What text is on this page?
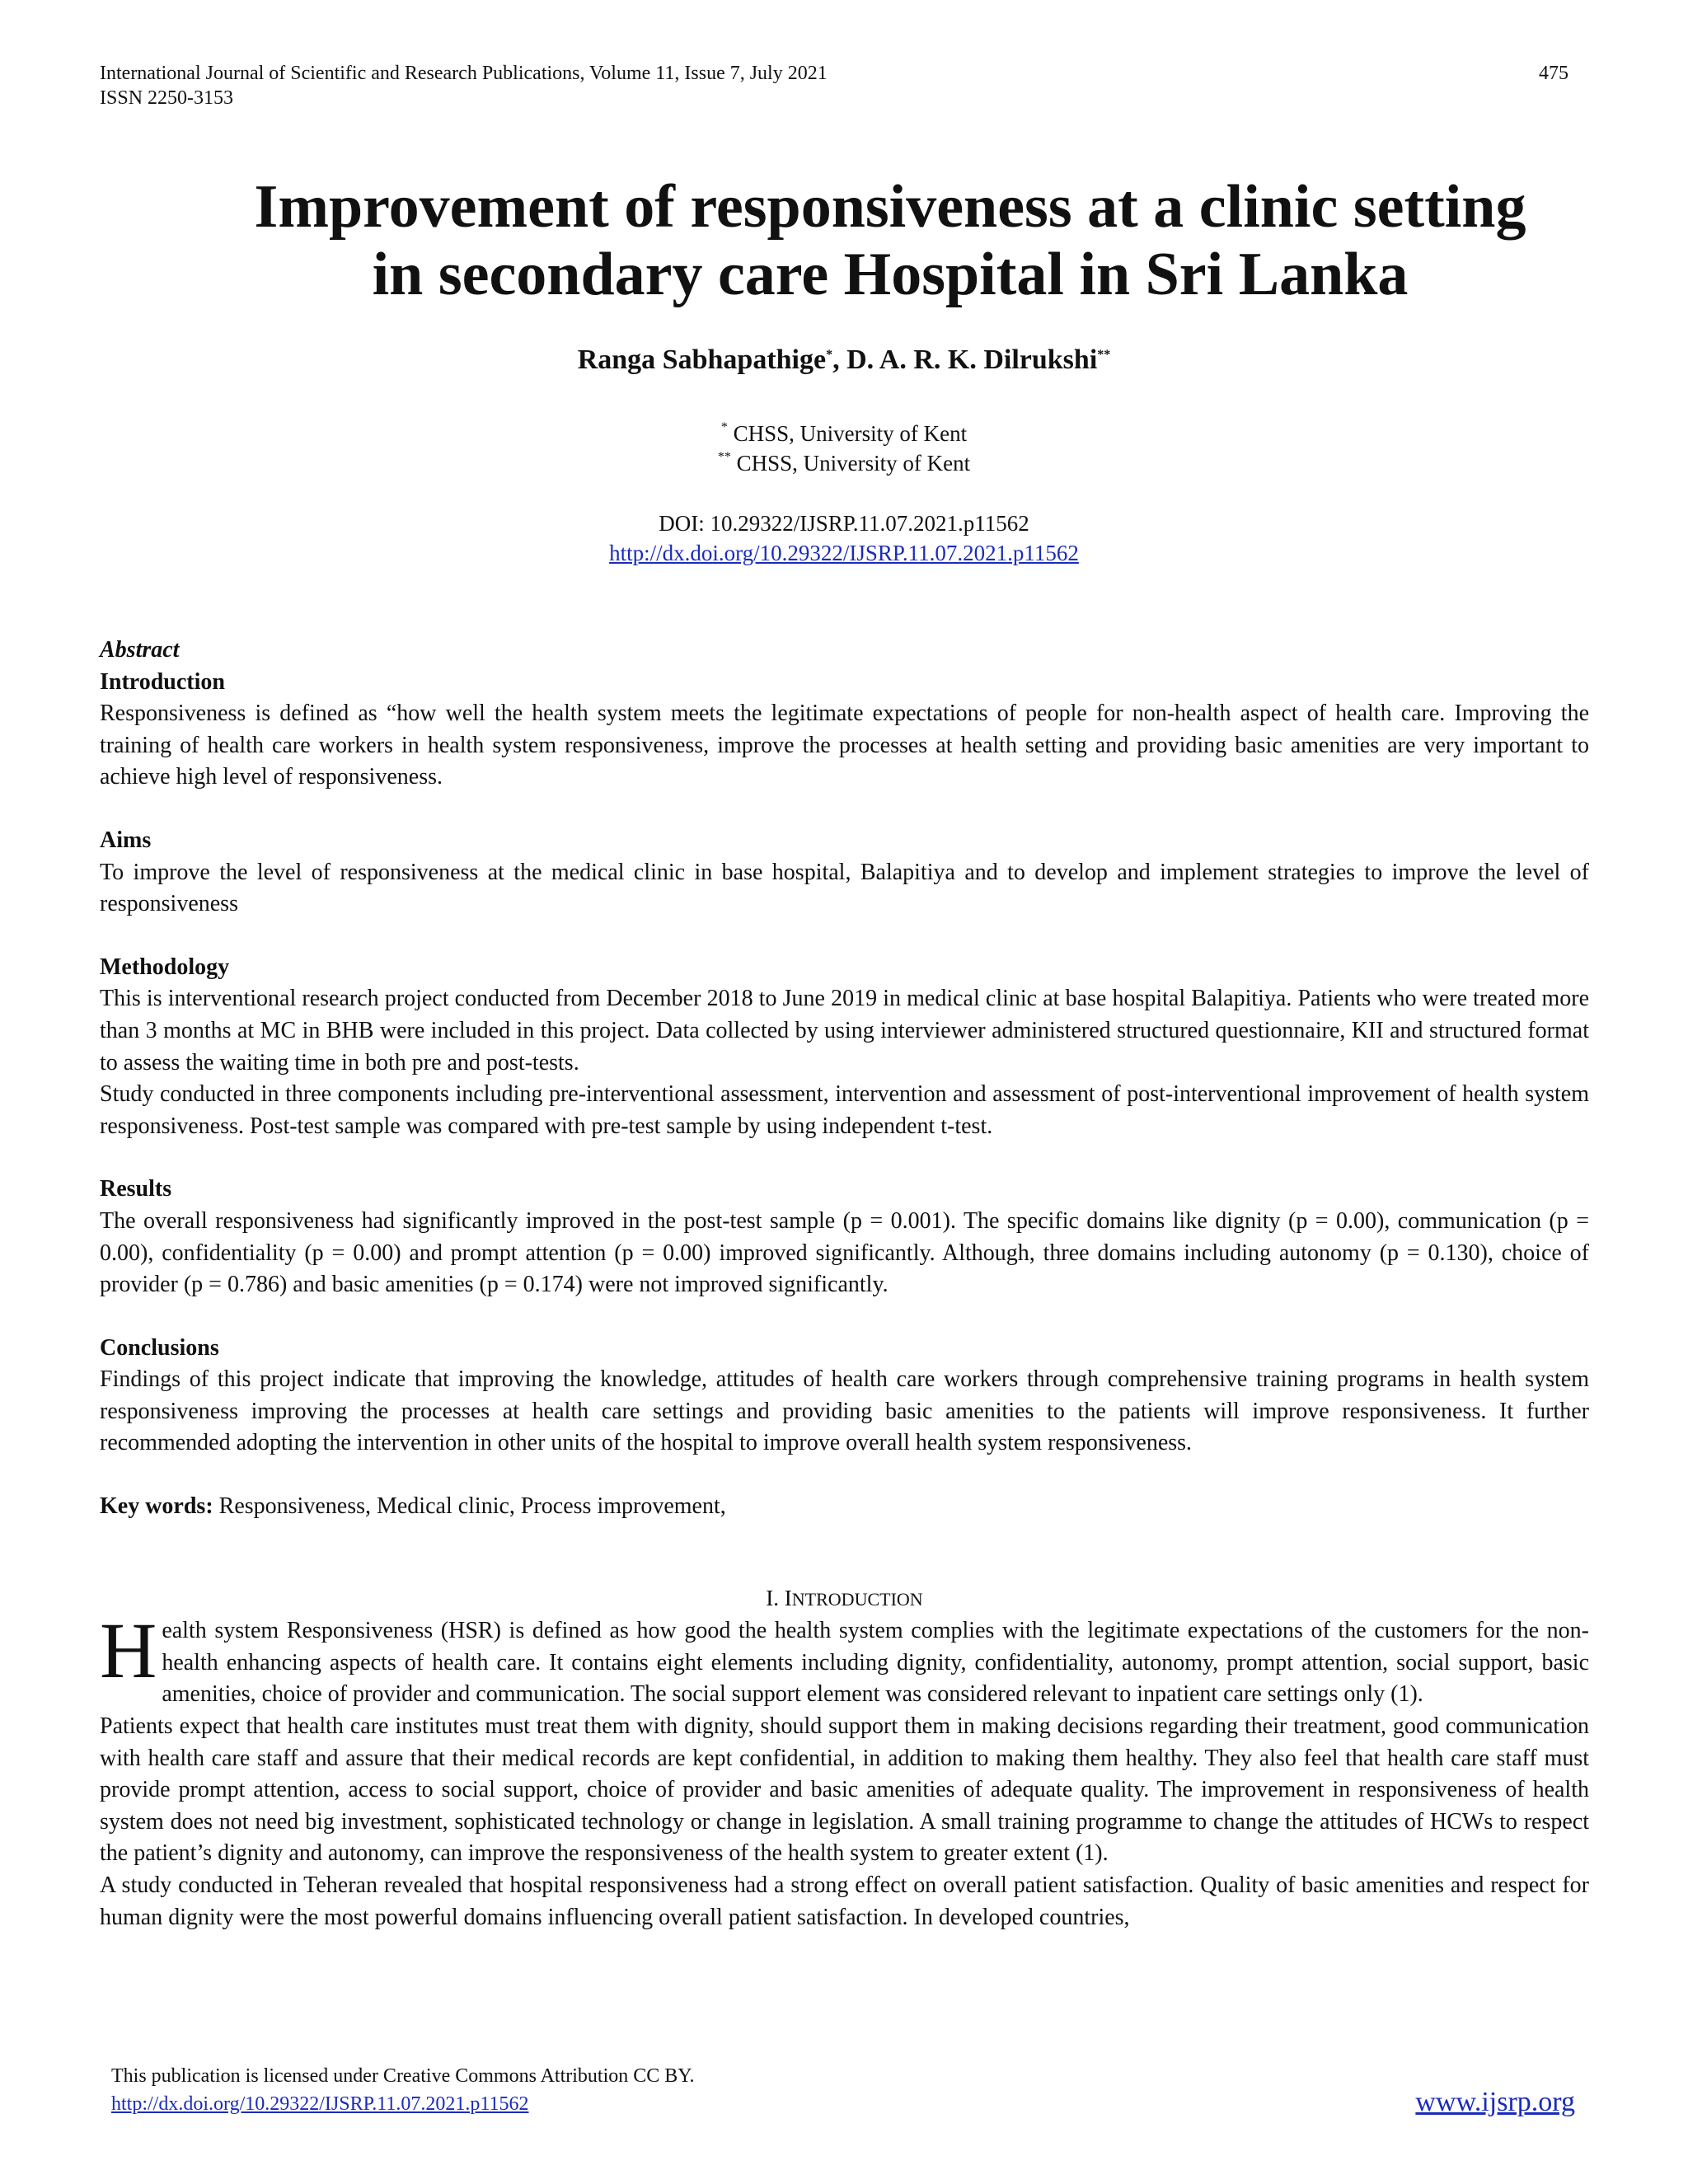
International Journal of Scientific and Research Publications, Volume 11, Issue 7, July 2021
ISSN 2250-3153
475
Improvement of responsiveness at a clinic setting
in secondary care Hospital in Sri Lanka
Ranga Sabhapathige*, D. A. R. K. Dilrukshi**
* CHSS, University of Kent
** CHSS, University of Kent
DOI: 10.29322/IJSRP.11.07.2021.p11562
http://dx.doi.org/10.29322/IJSRP.11.07.2021.p11562

Abstract

Introduction

Responsiveness is defined as “how well the health system meets the legitimate expectations of people for non-health aspect of health care. Improving the training of health care workers in health system responsiveness, improve the processes at health setting and providing basic amenities are very important to achieve high level of responsiveness.

Aims

To improve the level of responsiveness at the medical clinic in base hospital, Balapitiya and to develop and implement strategies to improve the level of responsiveness

Methodology

This is interventional research project conducted from December 2018 to June 2019 in medical clinic at base hospital Balapitiya. Patients who were treated more than 3 months at MC in BHB were included in this project. Data collected by using interviewer administered structured questionnaire, KII and structured format to assess the waiting time in both pre and post-tests.

Study conducted in three components including pre-interventional assessment, intervention and assessment of post-interventional improvement of health system responsiveness. Post-test sample was compared with pre-test sample by using independent t-test.

Results

The overall responsiveness had significantly improved in the post-test sample (p = 0.001). The specific domains like dignity (p = 0.00), communication (p = 0.00), confidentiality (p = 0.00) and prompt attention (p = 0.00) improved significantly. Although, three domains including autonomy (p = 0.130), choice of provider (p = 0.786) and basic amenities (p = 0.174) were not improved significantly.

Conclusions

Findings of this project indicate that improving the knowledge, attitudes of health care workers through comprehensive training programs in health system responsiveness improving the processes at health care settings and providing basic amenities to the patients will improve responsiveness. It further recommended adopting the intervention in other units of the hospital to improve overall health system responsiveness.

Key words: Responsiveness, Medical clinic, Process improvement,

I. INTRODUCTION

Health system Responsiveness (HSR) is defined as how good the health system complies with the legitimate expectations of the customers for the non-health enhancing aspects of health care. It contains eight elements including dignity, confidentiality, autonomy, prompt attention, social support, basic amenities, choice of provider and communication. The social support element was considered relevant to inpatient care settings only (1).

Patients expect that health care institutes must treat them with dignity, should support them in making decisions regarding their treatment, good communication with health care staff and assure that their medical records are kept confidential, in addition to making them healthy. They also feel that health care staff must provide prompt attention, access to social support, choice of provider and basic amenities of adequate quality. The improvement in responsiveness of health system does not need big investment, sophisticated technology or change in legislation. A small training programme to change the attitudes of HCWs to respect the patient’s dignity and autonomy, can improve the responsiveness of the health system to greater extent (1).

A study conducted in Teheran revealed that hospital responsiveness had a strong effect on overall patient satisfaction. Quality of basic amenities and respect for human dignity were the most powerful domains influencing overall patient satisfaction. In developed countries,

This publication is licensed under Creative Commons Attribution CC BY.
http://dx.doi.org/10.29322/IJSRP.11.07.2021.p11562	www.ijsrp.org
